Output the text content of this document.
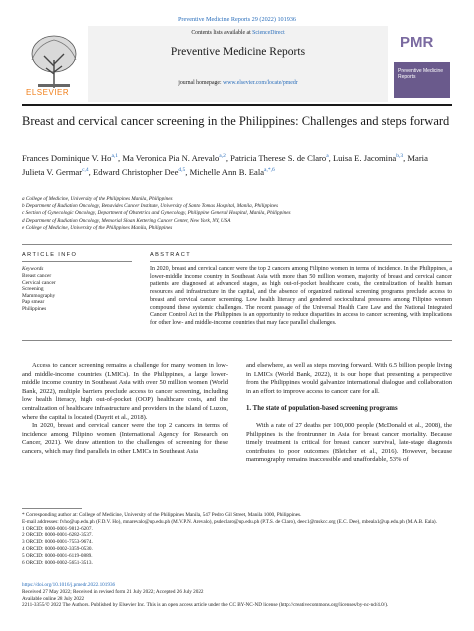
Preventive Medicine Reports 29 (2022) 101936
ELSEVIER
Contents lists available at ScienceDirect
Preventive Medicine Reports
journal homepage: www.elsevier.com/locate/pmedr
PMR
Preventive Medicine Reports
Breast and cervical cancer screening in the Philippines: Challenges and steps forward
Frances Dominique V. Ho$^{a,1}$, Ma Veronica Pia N. Arevalo$^{a,2}$, Patricia Therese S. de Claro$^a$, Luisa E. Jacomina$^{b,3}$, Maria Julieta V. Germar$^{c,4}$, Edward Christopher Dee$^{d,5}$, Michelle Ann B. Eala$^{a,*,6}$
a College of Medicine, University of the Philippines Manila, Philippines
b Department of Radiation Oncology, Benavides Cancer Institute, University of Santo Tomas Hospital, Manila, Philippines
c Section of Gynecologic Oncology, Department of Obstetrics and Gynecology, Philippine General Hospital, Manila, Philippines
d Department of Radiation Oncology, Memorial Sloan Kettering Cancer Center, New York, NY, USA
e College of Medicine, University of the Philippines Manila, Philippines
ARTICLE INFO
Keywords
Breast cancer
Cervical cancer
Screening
Mammography
Pap smear
Philippines
ABSTRACT
In 2020, breast and cervical cancer were the top 2 cancers among Filipino women in terms of incidence. In the Philippines, a lower-middle income country in Southeast Asia with more than 50 million women, majority of breast and cervical cancer patients are diagnosed at advanced stages, as high out-of-pocket healthcare costs, the centralization of health human resources and infrastructure in the capital, and the absence of organized national screening programs preclude access to breast and cervical cancer screening. Low health literacy and gendered sociocultural pressures among Filipino women compound these systemic challenges. The recent passage of the Universal Health Care Law and the National Integrated Cancer Control Act in the Philippines is an opportunity to reduce disparities in access to cancer screening, with implications for other low- and middle-income countries that may face parallel challenges.

Access to cancer screening remains a challenge for many women in low- and middle-income countries (LMICs). In the Philippines, a large lower-middle income country in Southeast Asia with over 50 million women (World Bank, 2022), multiple barriers preclude access to cancer screening, including low health literacy, high out-of-pocket (OOP) healthcare costs, and the centralization of healthcare infrastructure and providers in the island of Luzon, where the capital is located (Dayrit et al., 2018).

In 2020, breast and cervical cancer were the top 2 cancers in terms of incidence among Filipino women (International Agency for Research on Cancer, 2021). We draw attention to the challenges of screening for these cancers, which may find parallels in other LMICs in Southeast Asia

and elsewhere, as well as steps moving forward. With 6.5 billion people living in LMICs (World Bank, 2022), it is our hope that presenting a perspective from the Philippines would galvanize international dialogue and collaboration in an effort to improve access to cancer care for all.

1. The state of population-based screening programs

With a rate of 27 deaths per 100,000 people (McDonald et al., 2008), the Philippines is the frontrunner in Asia for breast cancer mortality. Because timely treatment is critical for breast cancer survival, late-stage diagnosis contributes to poor outcomes (Bleicher et al., 2016). However, because mammography remains inaccessible and unaffordable, 53% of

* Corresponding author at: College of Medicine, University of the Philippines Manila, 547 Pedro Gil Street, Manila 1000, Philippines.
E-mail addresses: fvho@up.edu.ph (F.D.V. Ho), mnarevalo@up.edu.ph (M.V.P.N. Arevalo), psdeclaro@up.edu.ph (P.T.S. de Claro), deec1@mskcc.org (E.C. Dee), mbeala1@up.edu.ph (M.A.B. Eala).
1 ORCID: 0000-0001-9812-6207.
2 ORCID: 0000-0001-6282-3537.
3 ORCID: 0000-0001-7553-9674.
4 ORCID: 0000-0002-3359-0530.
5 ORCID: 0000-0001-6119-0889.
6 ORCID: 0000-0002-5651-3513.
https://doi.org/10.1016/j.pmedr.2022.101936
Received 27 May 2022; Received in revised form 21 July 2022; Accepted 26 July 2022
Available online 28 July 2022
2211-3355/© 2022 The Authors. Published by Elsevier Inc. This is an open access article under the CC BY-NC-ND license (http://creativecommons.org/licenses/by-nc-nd/4.0/).
